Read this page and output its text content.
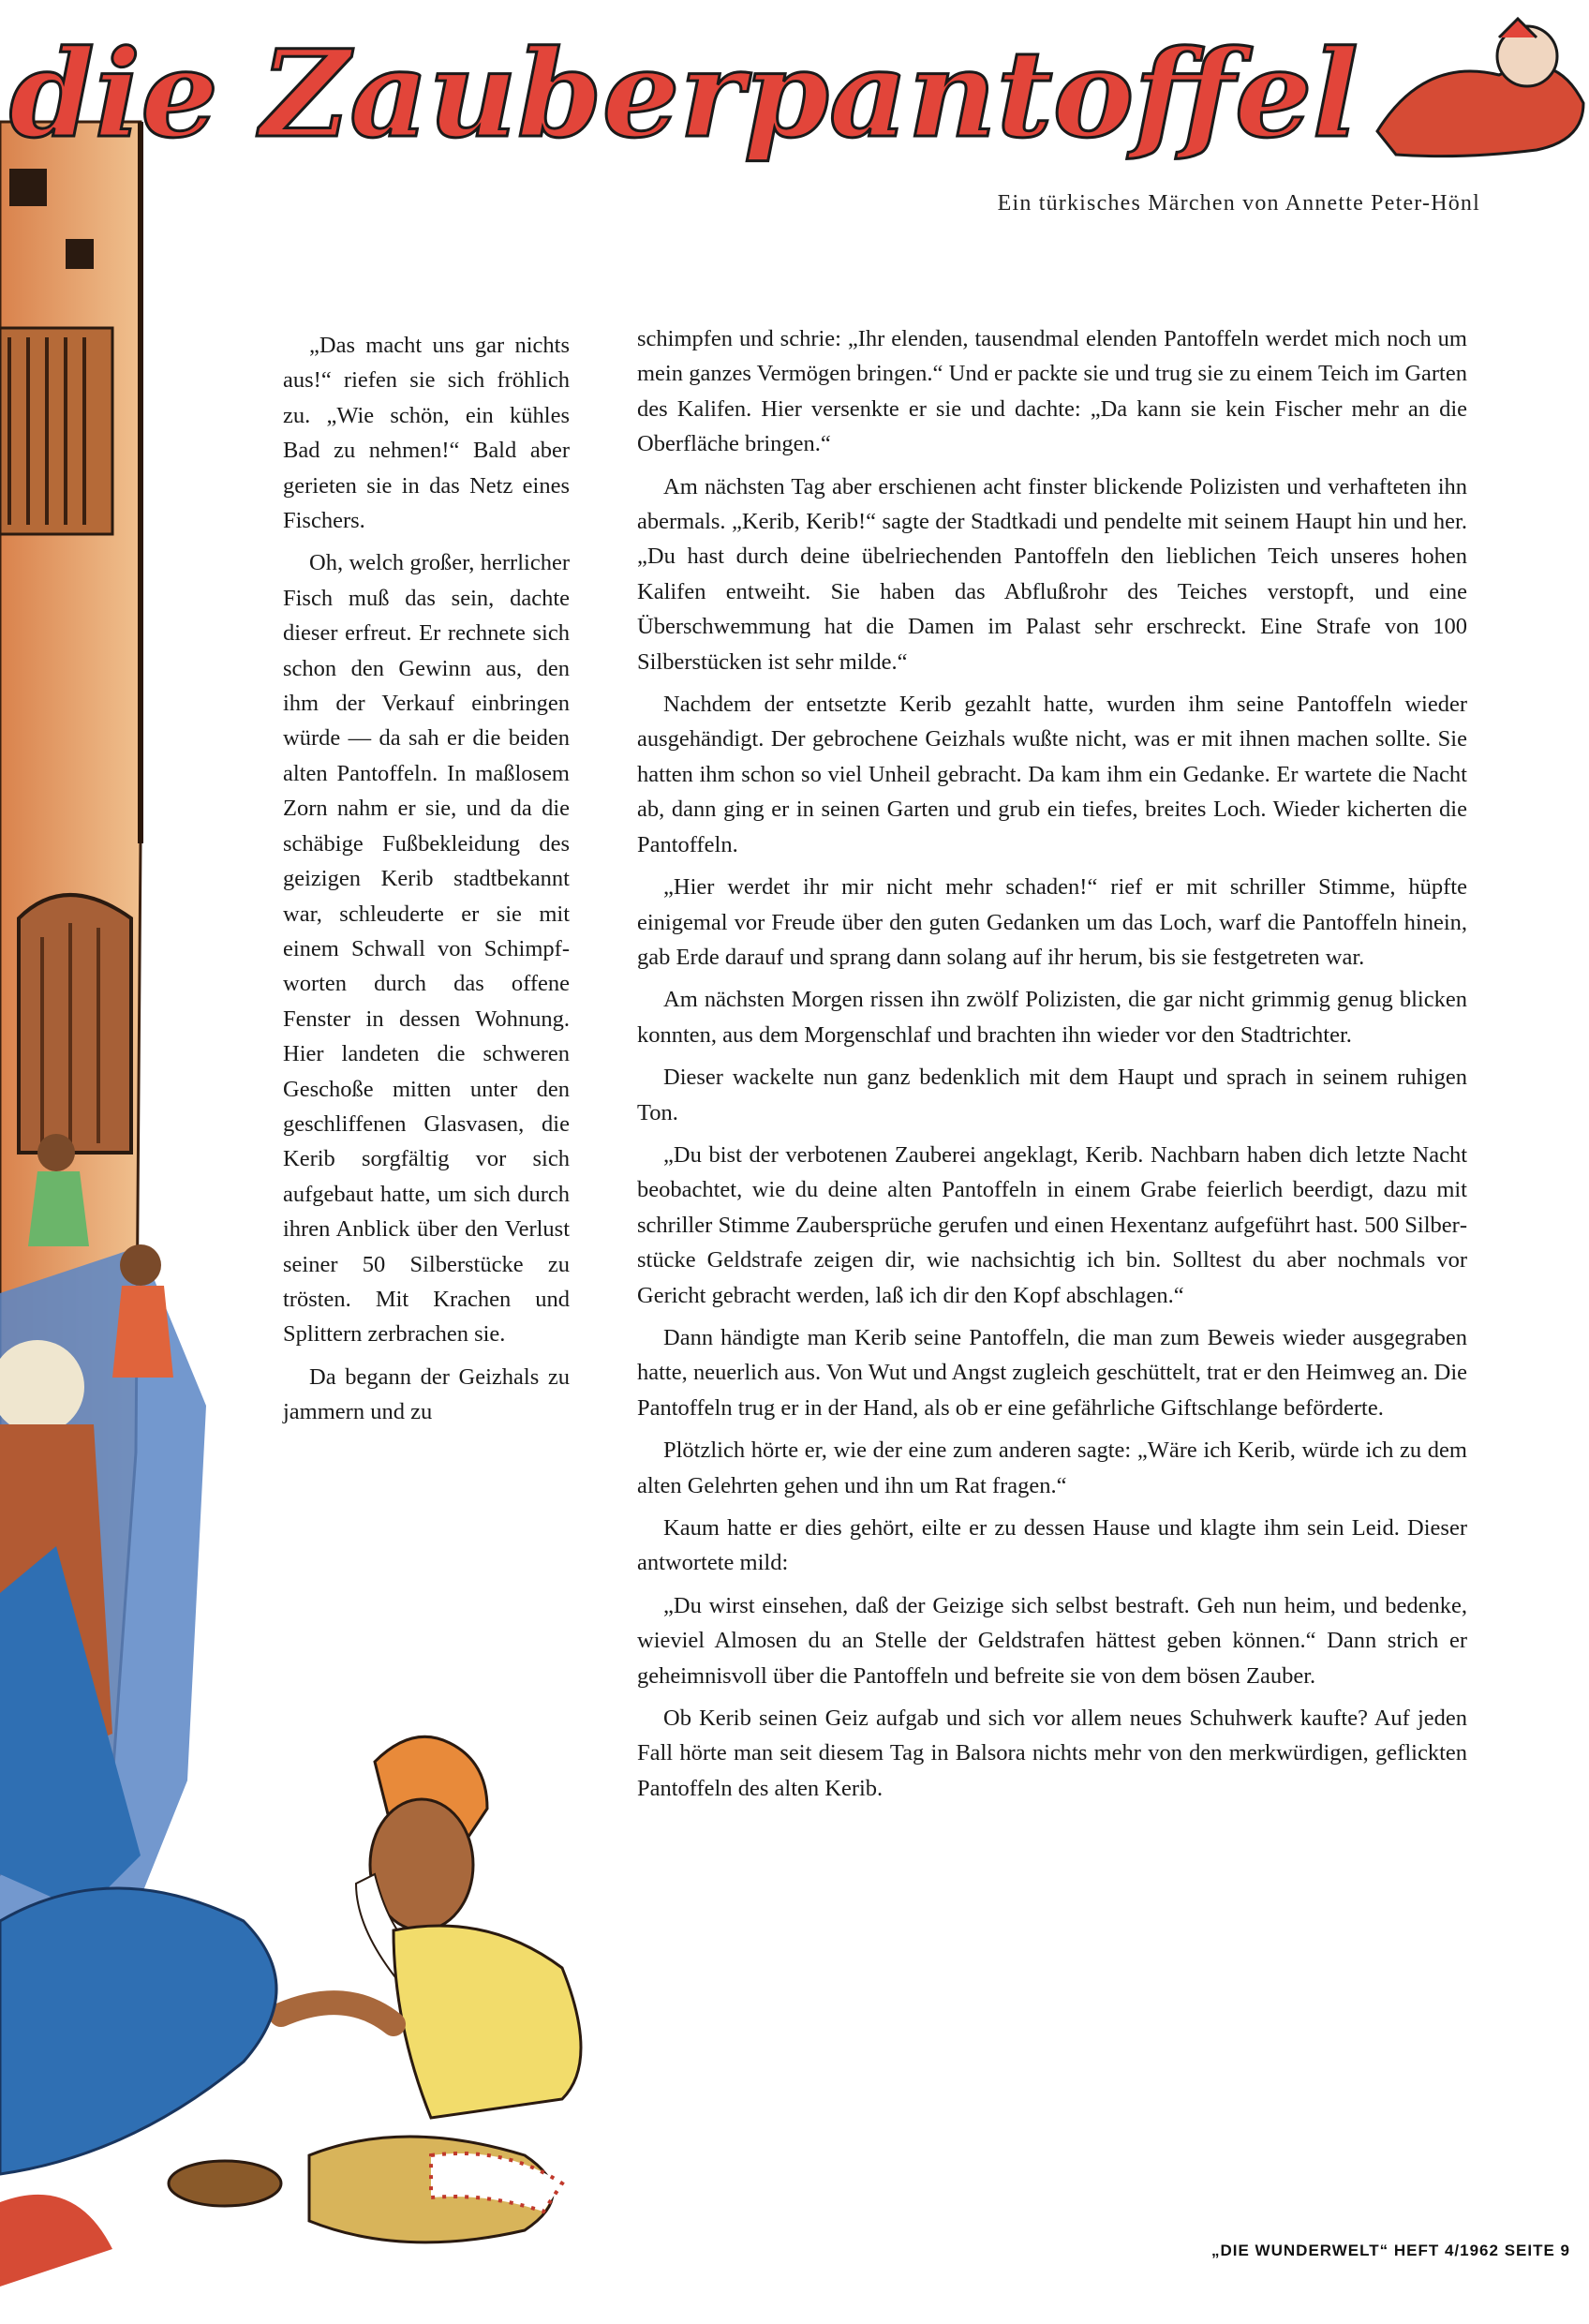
die Zauberpantoffel
Ein türkisches Märchen von Annette Peter-Hönl

„Das macht uns gar nichts aus!“ riefen sie sich fröhlich zu. „Wie schön, ein kühles Bad zu nehmen!“ Bald aber gerieten sie in das Netz eines Fischers.

Oh, welch großer, herrlicher Fisch muß das sein, dachte dieser erfreut. Er rechnete sich schon den Gewinn aus, den ihm der Verkauf einbringen würde — da sah er die beiden alten Pantoffeln. In maßlosem Zorn nahm er sie, und da die schäbige Fußbekleidung des geizigen Kerib stadtbekannt war, schleuderte er sie mit einem Schwall von Schimpfworten durch das offene Fenster in dessen Wohnung. Hier landeten die schweren Geschoße mitten unter den geschliffenen Glasvasen, die Kerib sorgfältig vor sich aufgebaut hatte, um sich durch ihren Anblick über den Verlust seiner 50 Silberstücke zu trösten. Mit Krachen und Splittern zerbrachen sie.

Da begann der Geizhals zu jammern und zu

schimpfen und schrie: „Ihr elenden, tausendmal elenden Pantoffeln werdet mich noch um mein ganzes Vermögen bringen.“ Und er packte sie und trug sie zu einem Teich im Garten des Kalifen. Hier versenkte er sie und dachte: „Da kann sie kein Fischer mehr an die Oberfläche bringen.“

Am nächsten Tag aber erschienen acht finster blickende Polizisten und verhafteten ihn abermals. „Kerib, Kerib!“ sagte der Stadtkadi und pendelte mit seinem Haupt hin und her. „Du hast durch deine übelriechenden Pantoffeln den lieblichen Teich unseres hohen Kalifen entweiht. Sie haben das Abflußrohr des Teiches verstopft, und eine Überschwemmung hat die Damen im Palast sehr erschreckt. Eine Strafe von 100 Silberstücken ist sehr milde.“

Nachdem der entsetzte Kerib gezahlt hatte, wurden ihm seine Pantoffeln wieder ausgehändigt. Der gebrochene Geizhals wußte nicht, was er mit ihnen machen sollte. Sie hatten ihm schon so viel Unheil gebracht. Da kam ihm ein Gedanke. Er wartete die Nacht ab, dann ging er in seinen Garten und grub ein tiefes, breites Loch. Wieder kicherten die Pantoffeln.

„Hier werdet ihr mir nicht mehr schaden!“ rief er mit schriller Stimme, hüpfte einigemal vor Freude über den guten Gedanken um das Loch, warf die Pantoffeln hinein, gab Erde darauf und sprang dann solang auf ihr herum, bis sie festgetreten war.

Am nächsten Morgen rissen ihn zwölf Polizisten, die gar nicht grimmig genug blicken konnten, aus dem Morgenschlaf und brachten ihn wieder vor den Stadtrichter.

Dieser wackelte nun ganz bedenklich mit dem Haupt und sprach in seinem ruhigen Ton.

„Du bist der verbotenen Zauberei angeklagt, Kerib. Nachbarn haben dich letzte Nacht beobachtet, wie du deine alten Pantoffeln in einem Grabe feierlich beerdigt, dazu mit schriller Stimme Zaubersprüche gerufen und einen Hexentanz aufgeführt hast. 500 Silberstücke Geldstrafe zeigen dir, wie nachsichtig ich bin. Solltest du aber nochmals vor Gericht gebracht werden, laß ich dir den Kopf abschlagen.“

Dann händigte man Kerib seine Pantoffeln, die man zum Beweis wieder ausgegraben hatte, neuerlich aus. Von Wut und Angst zugleich geschüttelt, trat er den Heimweg an. Die Pantoffeln trug er in der Hand, als ob er eine gefährliche Giftschlange beförderte.

Plötzlich hörte er, wie der eine zum anderen sagte: „Wäre ich Kerib, würde ich zu dem alten Gelehrten gehen und ihn um Rat fragen.“

Kaum hatte er dies gehört, eilte er zu dessen Hause und klagte ihm sein Leid. Dieser antwortete mild:

„Du wirst einsehen, daß der Geizige sich selbst bestraft. Geh nun heim, und bedenke, wieviel Almosen du an Stelle der Geldstrafen hättest geben können.“ Dann strich er geheimnisvoll über die Pantoffeln und befreite sie von dem bösen Zauber.

Ob Kerib seinen Geiz aufgab und sich vor allem neues Schuhwerk kaufte? Auf jeden Fall hörte man seit diesem Tag in Balsora nichts mehr von den merkwürdigen, geflickten Pantoffeln des alten Kerib.

„DIE WUNDERWELT“ HEFT 4/1962 SEITE 9
